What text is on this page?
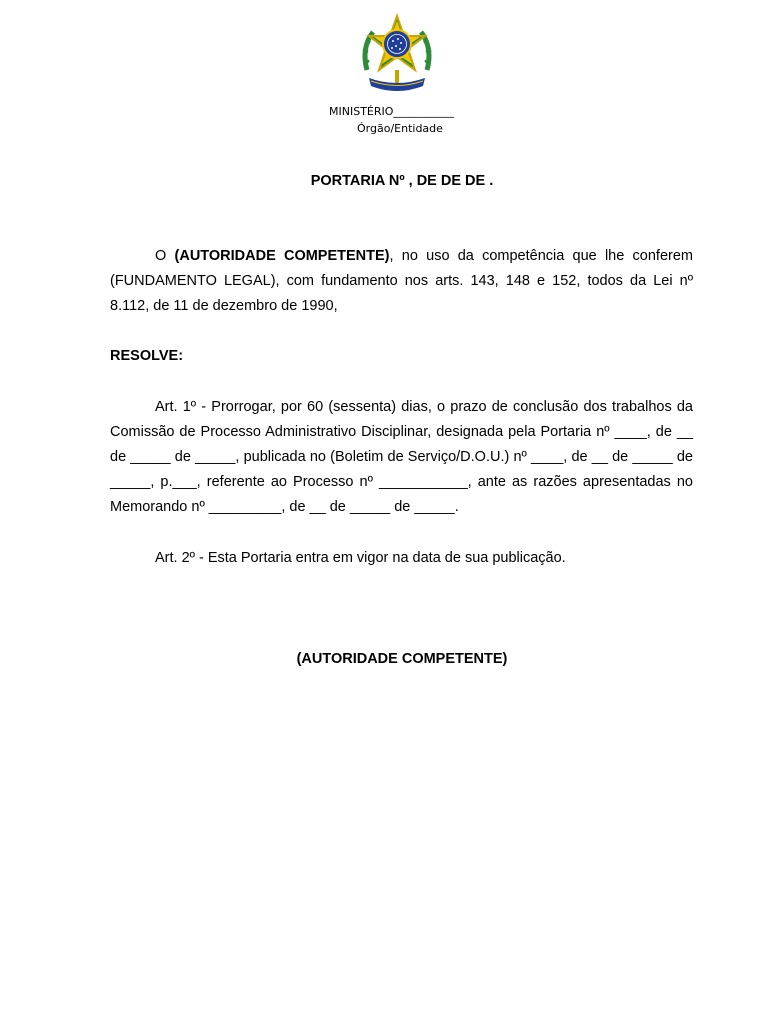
MINISTÉRIO___________
Órgão/Entidade
PORTARIA Nº , DE DE DE .

O (AUTORIDADE COMPETENTE), no uso da competência que lhe conferem (FUNDAMENTO LEGAL), com fundamento nos arts. 143, 148 e 152, todos da Lei nº 8.112, de 11 de dezembro de 1990,

RESOLVE:

Art. 1º - Prorrogar, por 60 (sessenta) dias, o prazo de conclusão dos trabalhos da Comissão de Processo Administrativo Disciplinar, designada pela Portaria nº ____, de __ de _____ de _____, publicada no (Boletim de Serviço/D.O.U.) nº ____, de __ de _____ de _____, p.___, referente ao Processo nº ___________, ante as razões apresentadas no Memorando nº _________, de __ de _____ de _____.

Art. 2º - Esta Portaria entra em vigor na data de sua publicação.

(AUTORIDADE COMPETENTE)
